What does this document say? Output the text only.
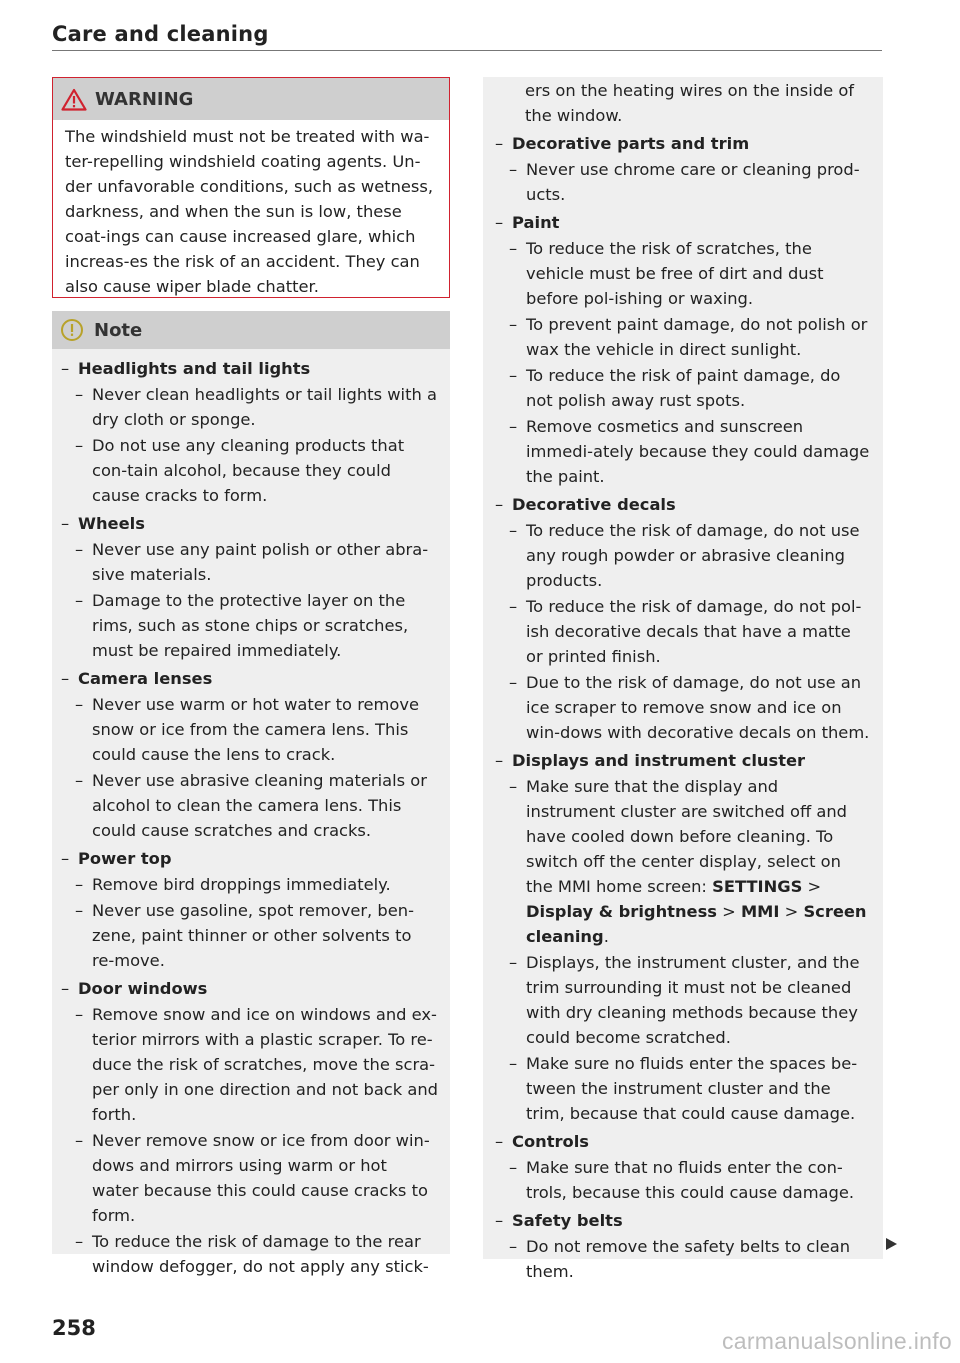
Care and cleaning
WARNING
The windshield must not be treated with wa-ter-repelling windshield coating agents. Un-der unfavorable conditions, such as wetness, darkness, and when the sun is low, these coat-ings can cause increased glare, which increas-es the risk of an accident. They can also cause wiper blade chatter.
Note
– Headlights and tail lights
– Never clean headlights or tail lights with a dry cloth or sponge.
– Do not use any cleaning products that con-tain alcohol, because they could cause cracks to form.
– Wheels
– Never use any paint polish or other abra-sive materials.
– Damage to the protective layer on the rims, such as stone chips or scratches, must be repaired immediately.
– Camera lenses
– Never use warm or hot water to remove snow or ice from the camera lens. This could cause the lens to crack.
– Never use abrasive cleaning materials or alcohol to clean the camera lens. This could cause scratches and cracks.
– Power top
– Remove bird droppings immediately.
– Never use gasoline, spot remover, ben-zene, paint thinner or other solvents to re-move.
– Door windows
– Remove snow and ice on windows and ex-terior mirrors with a plastic scraper. To re-duce the risk of scratches, move the scra-per only in one direction and not back and forth.
– Never remove snow or ice from door win-dows and mirrors using warm or hot water because this could cause cracks to form.
– To reduce the risk of damage to the rear window defogger, do not apply any stick-
ers on the heating wires on the inside of the window.
– Decorative parts and trim
– Never use chrome care or cleaning prod-ucts.
– Paint
– To reduce the risk of scratches, the vehicle must be free of dirt and dust before pol-ishing or waxing.
– To prevent paint damage, do not polish or wax the vehicle in direct sunlight.
– To reduce the risk of paint damage, do not polish away rust spots.
– Remove cosmetics and sunscreen immedi-ately because they could damage the paint.
– Decorative decals
– To reduce the risk of damage, do not use any rough powder or abrasive cleaning products.
– To reduce the risk of damage, do not pol-ish decorative decals that have a matte or printed finish.
– Due to the risk of damage, do not use an ice scraper to remove snow and ice on win-dows with decorative decals on them.
– Displays and instrument cluster
– Make sure that the display and instrument cluster are switched off and have cooled down before cleaning. To switch off the center display, select on the MMI home screen: SETTINGS > Display & brightness > MMI > Screen cleaning.
– Displays, the instrument cluster, and the trim surrounding it must not be cleaned with dry cleaning methods because they could become scratched.
– Make sure no fluids enter the spaces be-tween the instrument cluster and the trim, because that could cause damage.
– Controls
– Make sure that no fluids enter the con-trols, because this could cause damage.
– Safety belts
– Do not remove the safety belts to clean them.
258	carmanualsonline.info
